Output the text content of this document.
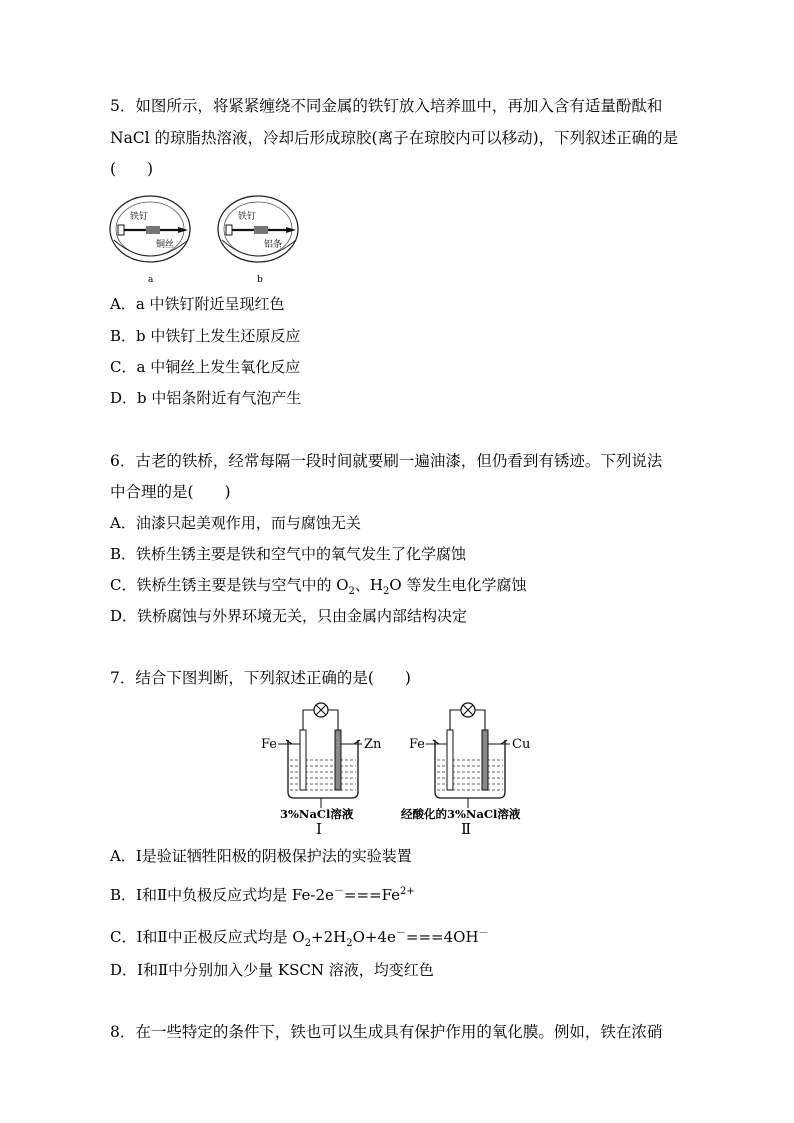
5．如图所示，将紧紧缠绕不同金属的铁钉放入培养皿中，再加入含有适量酚酞和
NaCl 的琼脂热溶液，冷却后形成琼胶(离子在琼胶内可以移动)，下列叙述正确的是
(　　)
铁钉
铜丝
铁钉
铝条
a	b
A．a 中铁钉附近呈现红色
B．b 中铁钉上发生还原反应
C．a 中铜丝上发生氧化反应
D．b 中铝条附近有气泡产生
6．古老的铁桥，经常每隔一段时间就要刷一遍油漆，但仍看到有锈迹。下列说法
中合理的是(　　)
A．油漆只起美观作用，而与腐蚀无关
B．铁桥生锈主要是铁和空气中的氧气发生了化学腐蚀
C．铁桥生锈主要是铁与空气中的 $O_2$、$H_2O$ 等发生电化学腐蚀
D．铁桥腐蚀与外界环境无关，只由金属内部结构决定
7．结合下图判断，下列叙述正确的是(　　)
Fe	Zn
3%NaCl溶液
Ⅰ
Fe	Cu
经酸化的3%NaCl溶液
Ⅱ
A．Ⅰ是验证牺牲阳极的阴极保护法的实验装置
B．Ⅰ和Ⅱ中负极反应式均是 $Fe-2e^-===Fe^{2+}$
C．Ⅰ和Ⅱ中正极反应式均是 $O_2+2H_2O+4e^-===4OH^-$
D．Ⅰ和Ⅱ中分别加入少量 KSCN 溶液，均变红色
8．在一些特定的条件下，铁也可以生成具有保护作用的氧化膜。例如，铁在浓硝
